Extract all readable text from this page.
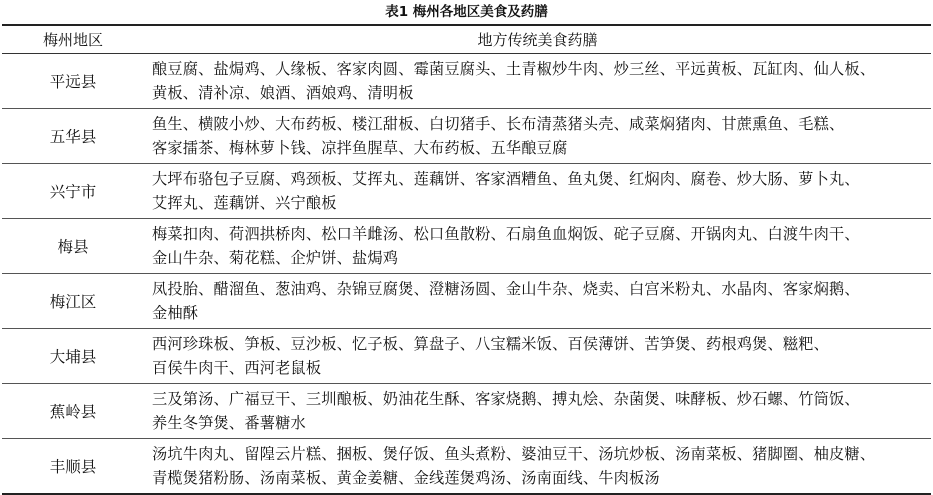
表1 梅州各地区美食及药膳
梅州地区	地方传统美食药膳
平远县	酿豆腐、盐焗鸡、人缘板、客家肉圆、霉菌豆腐头、土青椒炒牛肉、炒三丝、平远黄板、瓦缸肉、仙人板、
黄板、清补凉、娘酒、酒娘鸡、清明板

五华县	鱼生、横陂小炒、大布药板、楼江甜板、白切猪手、长布清蒸猪头壳、咸菜焖猪肉、甘蔗熏鱼、毛糕、
客家擂茶、梅林萝卜钱、凉拌鱼腥草、大布药板、五华酿豆腐

兴宁市	大坪布骆包子豆腐、鸡颈板、艾挥丸、莲藕饼、客家酒糟鱼、鱼丸煲、红焖肉、腐卷、炒大肠、萝卜丸、
艾挥丸、莲藕饼、兴宁酿板

梅县	梅菜扣肉、荷泗拱桥肉、松口羊雌汤、松口鱼散粉、石扇鱼血焖饭、砣子豆腐、开锅肉丸、白渡牛肉干、
金山牛杂、菊花糕、企炉饼、盐焗鸡

梅江区	凤投胎、醋溜鱼、葱油鸡、杂锦豆腐煲、澄糖汤圆、金山牛杂、烧卖、白宫米粉丸、水晶肉、客家焖鹅、
金柚酥

大埔县	西河珍珠板、笋板、豆沙板、忆子板、算盘子、八宝糯米饭、百侯薄饼、苦笋煲、药根鸡煲、糍粑、
百侯牛肉干、西河老鼠板

蕉岭县	三及第汤、广福豆干、三圳酿板、奶油花生酥、客家烧鹅、搏丸烩、杂菌煲、味酵板、炒石螺、竹筒饭、
养生冬笋煲、番薯糖水

丰顺县	汤坑牛肉丸、留隍云片糕、捆板、煲仔饭、鱼头煮粉、婆油豆干、汤坑炒板、汤南菜板、猪脚圈、柚皮糖、
青榄煲猪粉肠、汤南菜板、黄金姜糖、金线莲煲鸡汤、汤南面线、牛肉板汤
